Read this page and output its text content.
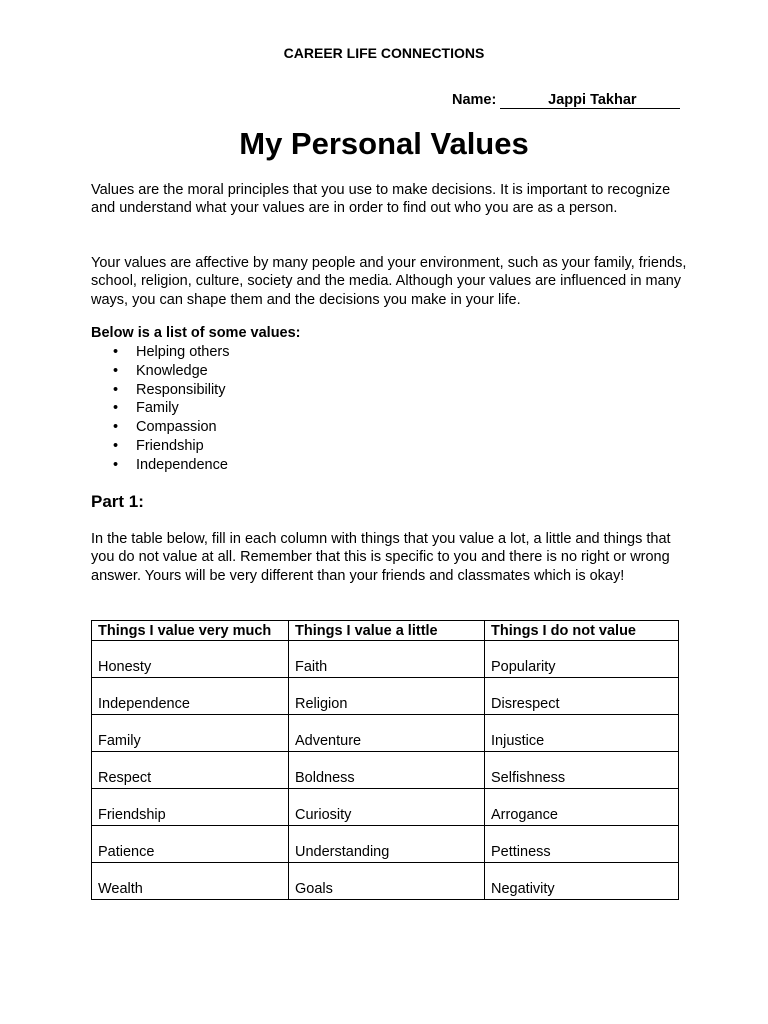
CAREER LIFE CONNECTIONS
Name:	Jappi Takhar
My Personal Values
Values are the moral principles that you use to make decisions. It is important to recognize and understand what your values are in order to find out who you are as a person.
Your values are affective by many people and your environment, such as your family, friends, school, religion, culture, society and the media. Although your values are influenced in many ways, you can shape them and the decisions you make in your life.
Below is a list of some values:
• Helping others
• Knowledge
• Responsibility
• Family
• Compassion
• Friendship
• Independence
Part 1:
In the table below, fill in each column with things that you value a lot, a little and things that you do not value at all. Remember that this is specific to you and there is no right or wrong answer. Yours will be very different than your friends and classmates which is okay!
Things I value very much	Things I value a little	Things I do not value
Honesty	Faith	Popularity
Independence	Religion	Disrespect
Family	Adventure	Injustice
Respect	Boldness	Selfishness
Friendship	Curiosity	Arrogance
Patience	Understanding	Pettiness
Wealth	Goals	Negativity
